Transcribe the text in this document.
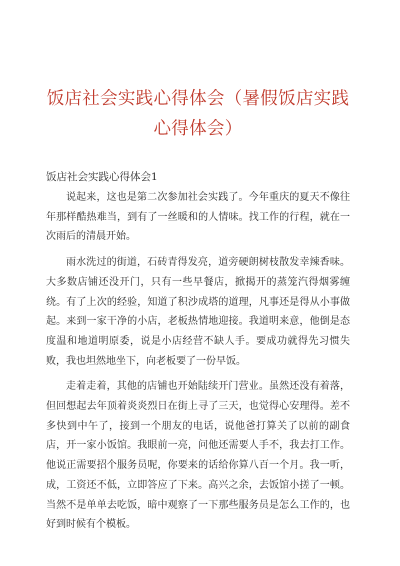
饭店社会实践心得体会（暑假饭店实践心得体会）
饭店社会实践心得体会1

说起来，这也是第二次参加社会实践了。今年重庆的夏天不像往年那样酷热难当，到有了一丝暖和的人情味。找工作的行程，就在一次雨后的清晨开始。

雨水洗过的街道，石砖青得发亮，道旁硬朗树枝散发幸辣香味。大多数店铺还没开门，只有一些早餐店，掀揭开的蒸笼汽得烟雾缠绕。有了上次的经验，知道了积沙成塔的道理，凡事还是得从小事做起。来到一家干净的小店，老板热情地迎接。我道明来意，他倒是态度温和地道明原委，说是小店经营不缺人手。要成功就得先习惯失败，我也坦然地坐下，向老板要了一份早饭。

走着走着，其他的店铺也开始陆续开门营业。虽然还没有着落，但回想起去年顶着炎炎烈日在街上寻了三天，也觉得心安理得。差不多快到中午了，接到一个朋友的电话，说他爸打算关了以前的副食店，开一家小饭馆。我眼前一亮，问他还需要人手不，我去打工作。他说正需要招个服务员呢，你要来的话给你算八百一个月。我一听，成，工资还不低，立即答应了下来。高兴之余，去饭馆小搓了一顿。当然不是单单去吃饭，暗中观察了一下那些服务员是怎么工作的，也好到时候有个模板。
